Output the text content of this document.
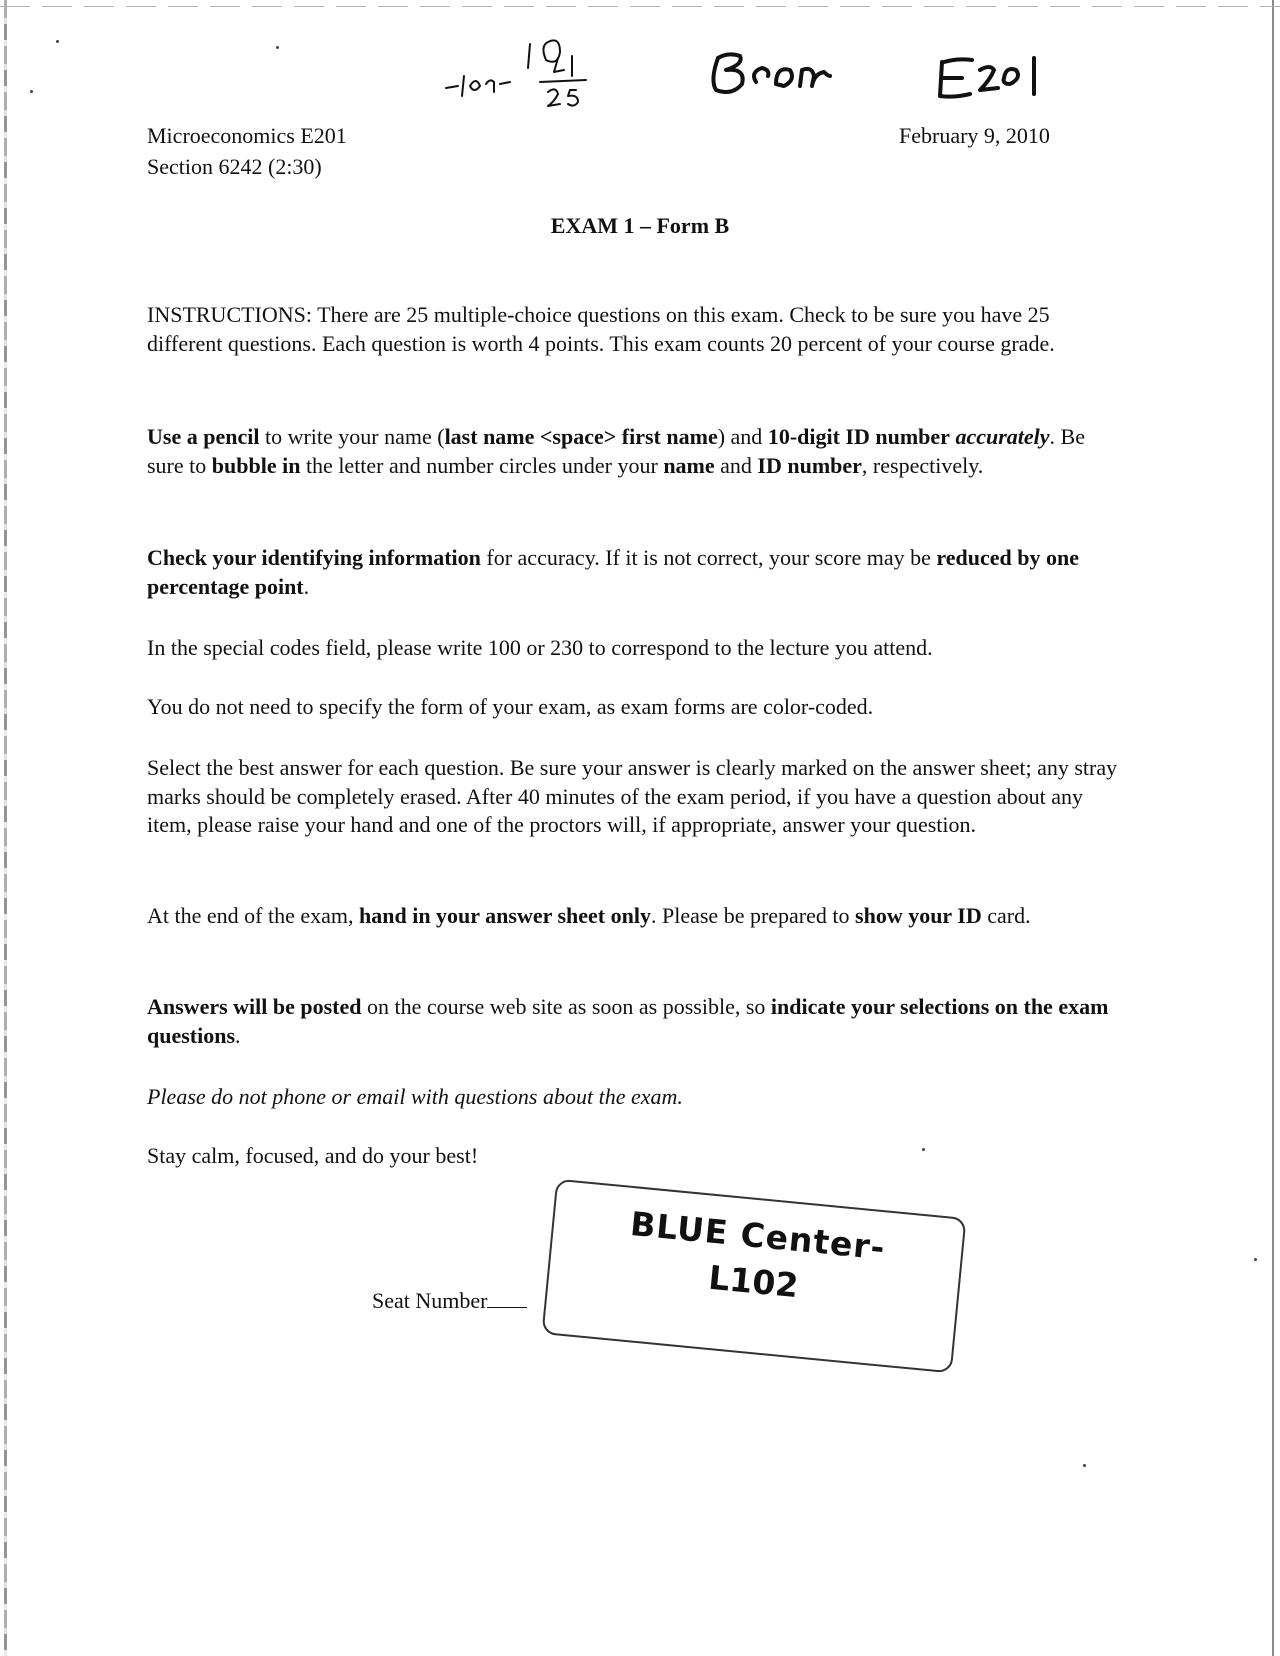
Microeconomics E201
Section 6242 (2:30)
February 9, 2010
EXAM 1 – Form B
INSTRUCTIONS: There are 25 multiple-choice questions on this exam. Check to be sure you have 25 different questions. Each question is worth 4 points. This exam counts 20 percent of your course grade.
Use a pencil to write your name (last name <space> first name) and 10-digit ID number accurately. Be sure to bubble in the letter and number circles under your name and ID number, respectively.
Check your identifying information for accuracy. If it is not correct, your score may be reduced by one percentage point.
In the special codes field, please write 100 or 230 to correspond to the lecture you attend.
You do not need to specify the form of your exam, as exam forms are color-coded.
Select the best answer for each question. Be sure your answer is clearly marked on the answer sheet; any stray marks should be completely erased. After 40 minutes of the exam period, if you have a question about any item, please raise your hand and one of the proctors will, if appropriate, answer your question.
At the end of the exam, hand in your answer sheet only. Please be prepared to show your ID card.
Answers will be posted on the course web site as soon as possible, so indicate your selections on the exam questions.
Please do not phone or email with questions about the exam.
Stay calm, focused, and do your best!
Seat Number
BLUE Center-
L102
